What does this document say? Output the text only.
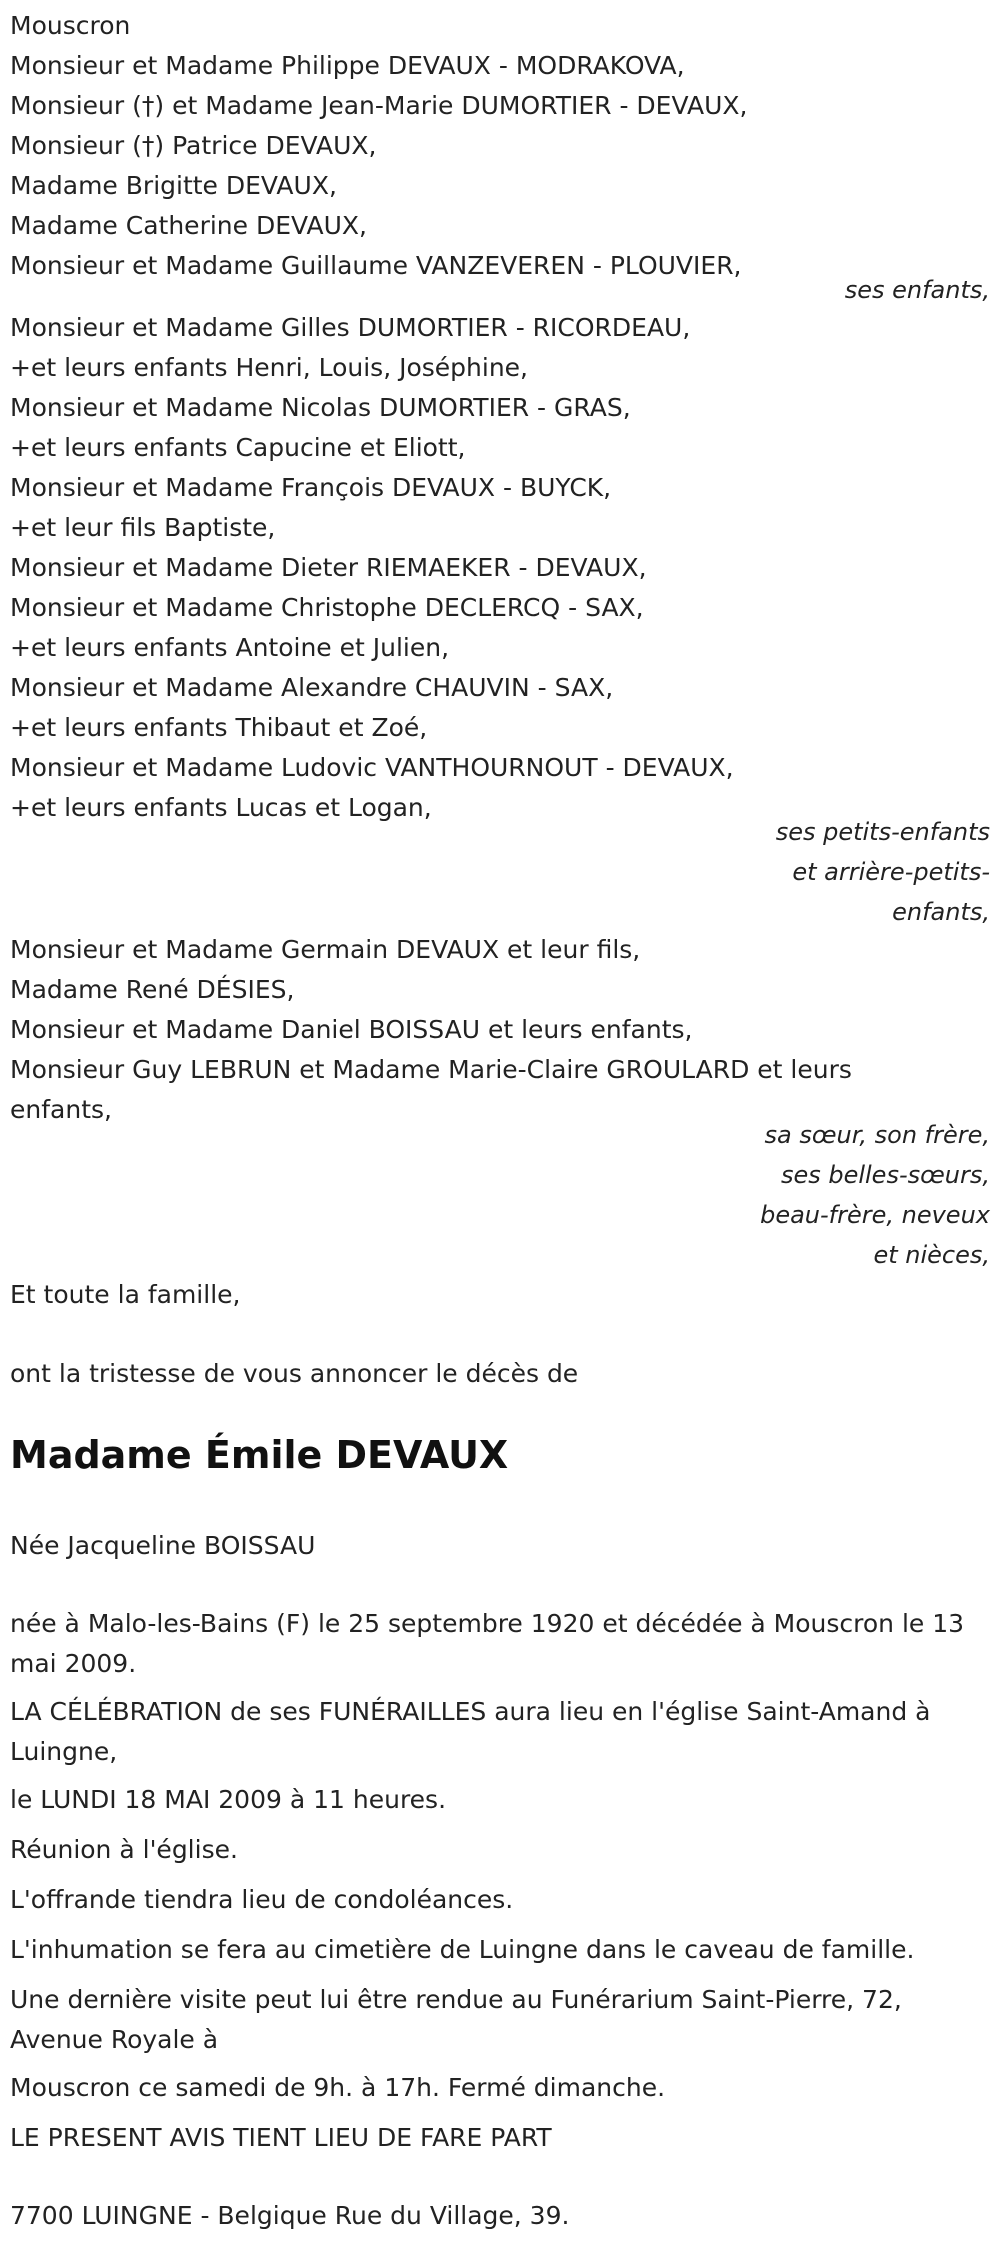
Mouscron
Monsieur et Madame Philippe DEVAUX - MODRAKOVA,
Monsieur (†) et Madame Jean-Marie DUMORTIER - DEVAUX,
Monsieur (†) Patrice DEVAUX,
Madame Brigitte DEVAUX,
Madame Catherine DEVAUX,
Monsieur et Madame Guillaume VANZEVEREN - PLOUVIER,
ses enfants,
Monsieur et Madame Gilles DUMORTIER - RICORDEAU,
+et leurs enfants Henri, Louis, Joséphine,
Monsieur et Madame Nicolas DUMORTIER - GRAS,
+et leurs enfants Capucine et Eliott,
Monsieur et Madame François DEVAUX - BUYCK,
+et leur fils Baptiste,
Monsieur et Madame Dieter RIEMAEKER - DEVAUX,
Monsieur et Madame Christophe DECLERCQ - SAX,
+et leurs enfants Antoine et Julien,
Monsieur et Madame Alexandre CHAUVIN - SAX,
+et leurs enfants Thibaut et Zoé,
Monsieur et Madame Ludovic VANTHOURNOUT - DEVAUX,
+et leurs enfants Lucas et Logan,
ses petits-enfants
et arrière-petits-
enfants,
Monsieur et Madame Germain DEVAUX et leur fils,
Madame René DÉSIES,
Monsieur et Madame Daniel BOISSAU et leurs enfants,
Monsieur Guy LEBRUN et Madame Marie-Claire GROULARD et leurs enfants,
sa sœur, son frère,
ses belles-sœurs,
beau-frère, neveux
et nièces,
Et toute la famille,
ont la tristesse de vous annoncer le décès de
Madame Émile DEVAUX
Née Jacqueline BOISSAU
née à Malo-les-Bains (F) le 25 septembre 1920 et décédée à Mouscron le 13 mai 2009.
LA CÉLÉBRATION de ses FUNÉRAILLES aura lieu en l'église Saint-Amand à Luingne,
le LUNDI 18 MAI 2009 à 11 heures.
Réunion à l'église.
L'offrande tiendra lieu de condoléances.
L'inhumation se fera au cimetière de Luingne dans le caveau de famille.
Une dernière visite peut lui être rendue au Funérarium Saint-Pierre, 72, Avenue Royale à
Mouscron ce samedi de 9h. à 17h. Fermé dimanche.
LE PRESENT AVIS TIENT LIEU DE FARE PART
7700 LUINGNE - Belgique Rue du Village, 39.
